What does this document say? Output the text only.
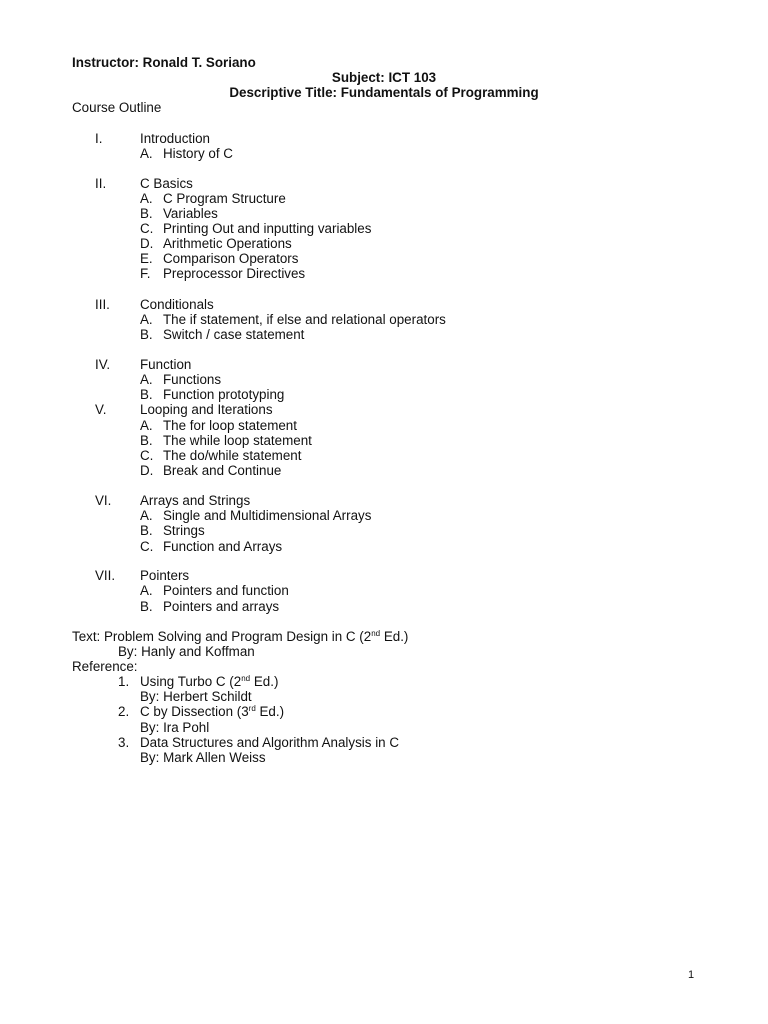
Instructor: Ronald T. Soriano
Subject: ICT 103
Descriptive Title: Fundamentals of Programming
Course Outline
I.	Introduction
A. History of C
II.	C Basics
A. C Program Structure
B. Variables
C. Printing Out and inputting variables
D. Arithmetic Operations
E. Comparison Operators
F. Preprocessor Directives
III. Conditionals
A. The if statement, if else and relational operators
B. Switch / case statement
IV. Function
A. Functions
B. Function prototyping
V.	Looping and Iterations
A. The for loop statement
B. The while loop statement
C. The do/while statement
D. Break and Continue
VI. Arrays and Strings
A. Single and Multidimensional Arrays
B. Strings
C. Function and Arrays
VII. Pointers
A. Pointers and function
B. Pointers and arrays
Text: Problem Solving and Program Design in C (2nd Ed.)
By: Hanly and Koffman
Reference:
1. Using Turbo C (2nd Ed.)
By: Herbert Schildt
2. C by Dissection (3rd Ed.)
By: Ira Pohl
3. Data Structures and Algorithm Analysis in C
By: Mark Allen Weiss
1
